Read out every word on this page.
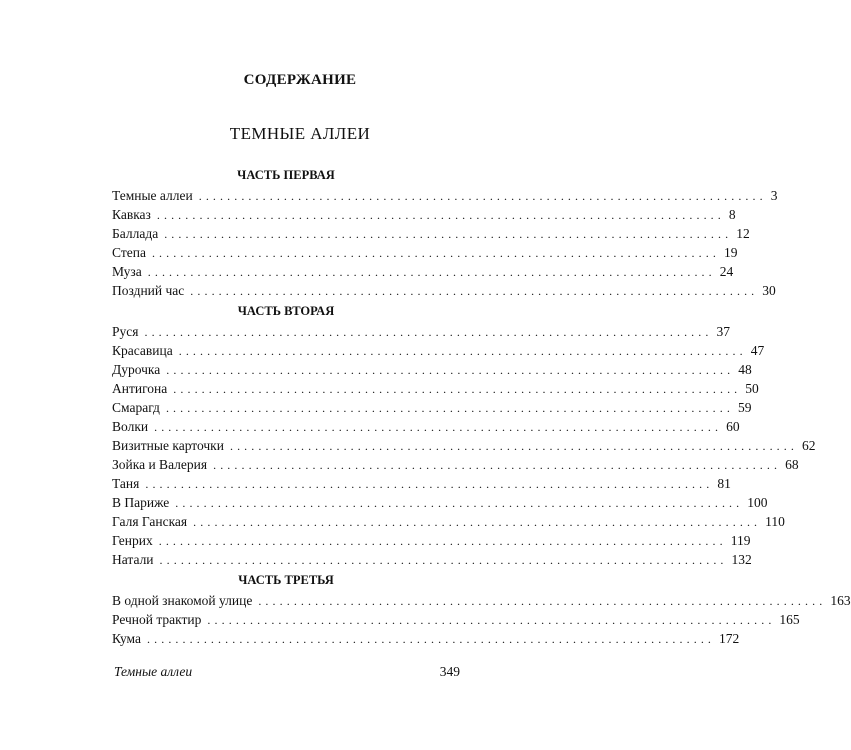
СОДЕРЖАНИЕ
ТЕМНЫЕ АЛЛЕИ
ЧАСТЬ ПЕРВАЯ
Темные аллеи ................................................................................ 3
Кавказ ................................................................................ 8
Баллада ................................................................................ 12
Степа ................................................................................ 19
Муза ................................................................................ 24
Поздний час ................................................................................ 30
ЧАСТЬ ВТОРАЯ
Руся ................................................................................ 37
Красавица ................................................................................ 47
Дурочка ................................................................................ 48
Антигона ................................................................................ 50
Смарагд ................................................................................ 59
Волки ................................................................................ 60
Визитные карточки ................................................................................ 62
Зойка и Валерия ................................................................................ 68
Таня ................................................................................ 81
В Париже ................................................................................ 100
Галя Ганская ................................................................................ 110
Генрих ................................................................................ 119
Натали ................................................................................ 132
ЧАСТЬ ТРЕТЬЯ
В одной знакомой улице ................................................................................ 163
Речной трактир ................................................................................ 165
Кума ................................................................................ 172
Темные аллеи	349
